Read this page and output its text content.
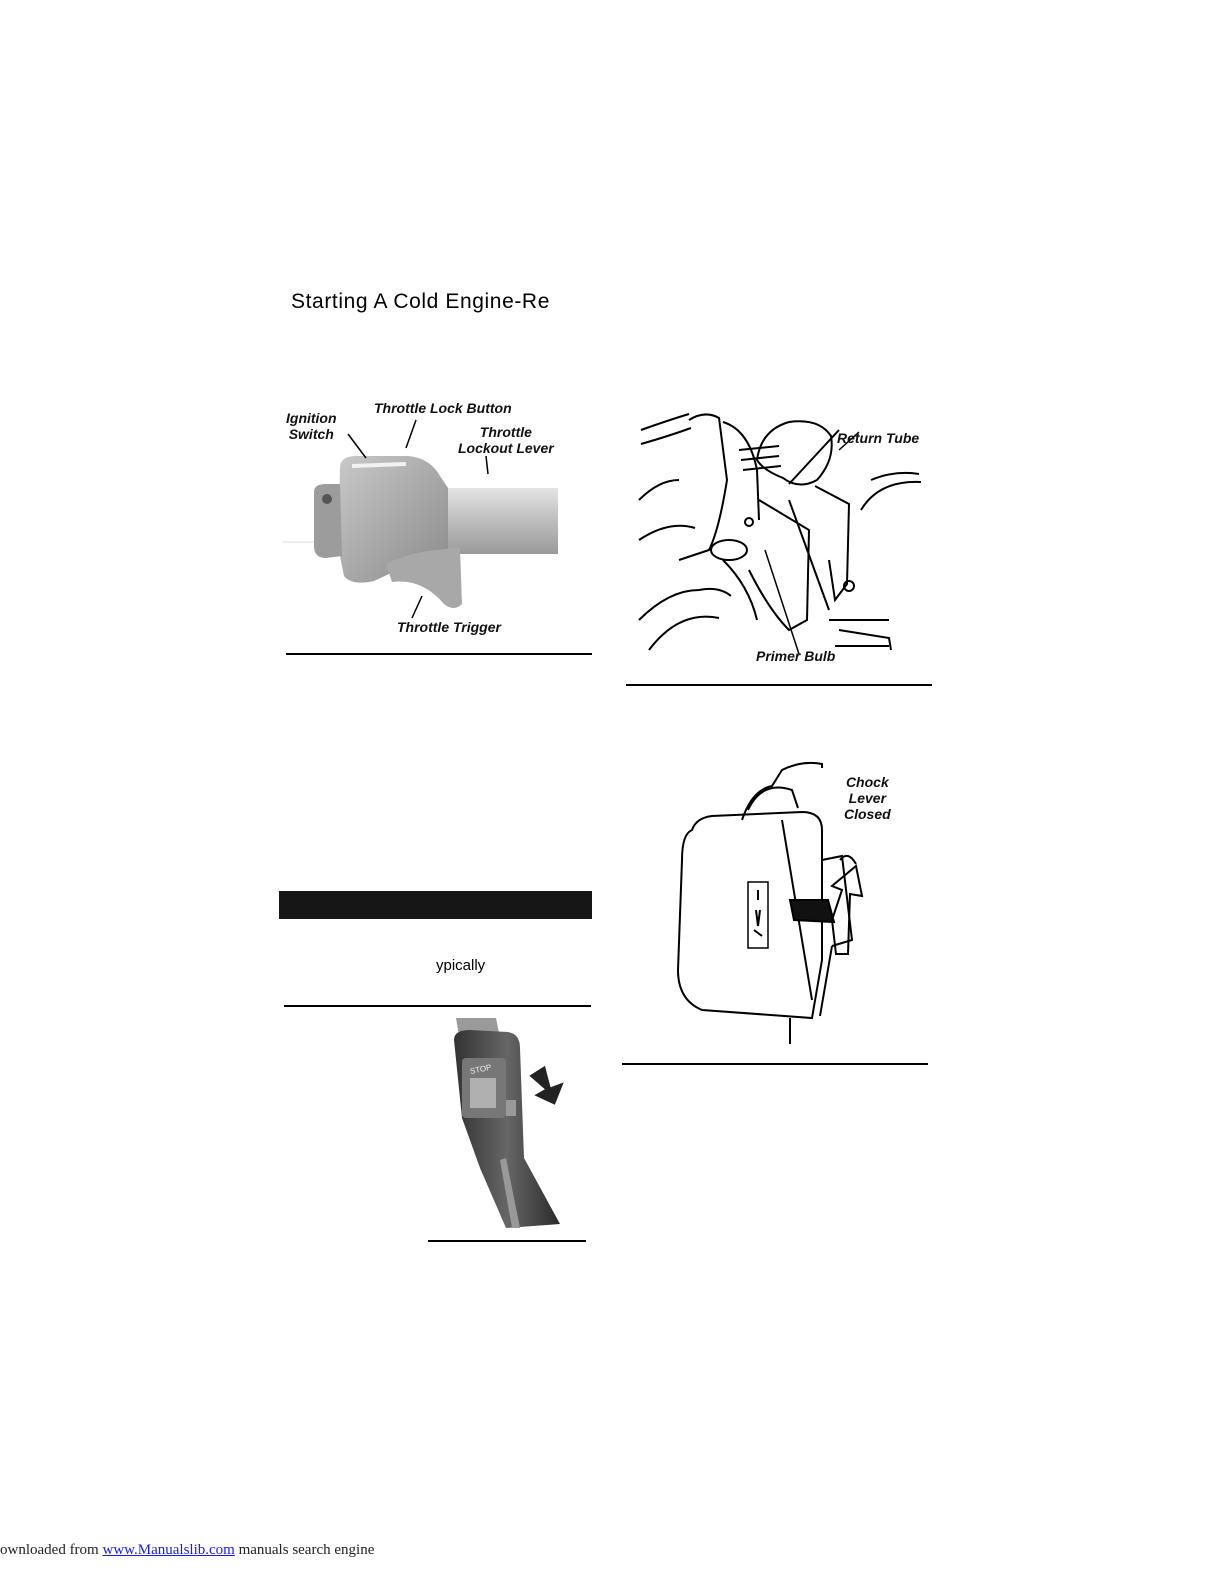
Starting A Cold Engine-Re
Ignition
Switch
Throttle Lock Button
Throttle
Lockout Lever
Throttle Trigger
Return Tube
Primer Bulb
Chock
Lever
Closed
ypically
STOP
ownloaded from www.Manualslib.com manuals search engine
